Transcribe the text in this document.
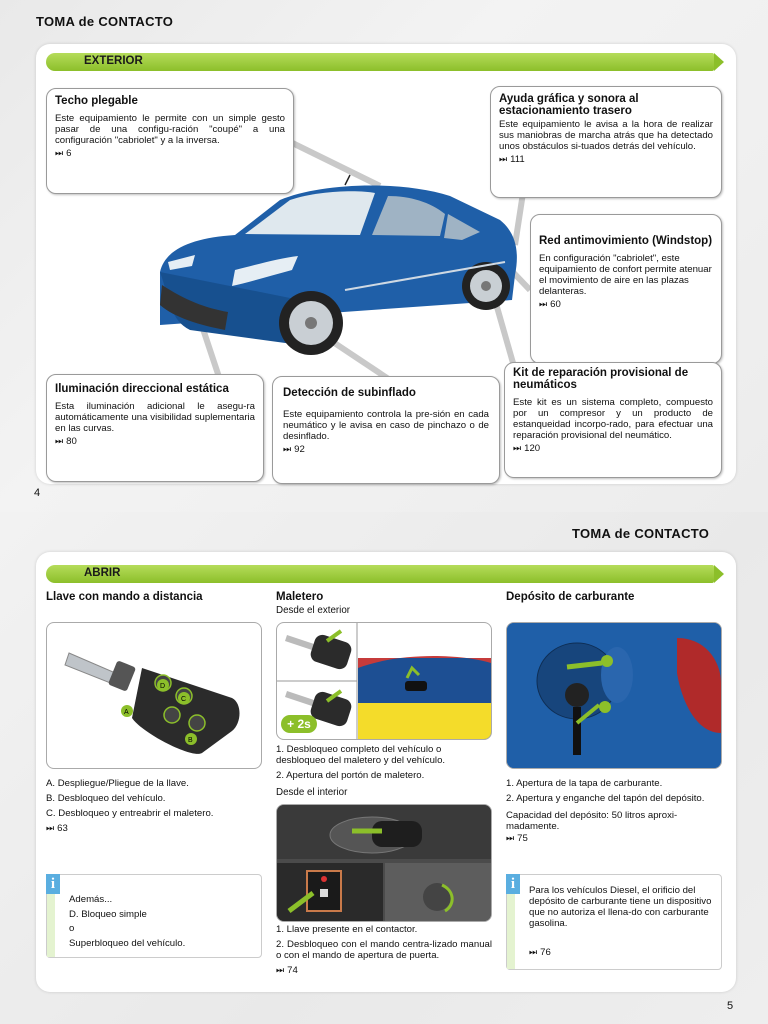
TOMA de CONTACTO
EXTERIOR
Techo plegable
Este equipamiento le permite con un simple gesto pasar de una configu-ración "coupé" a una configuración "cabriolet" y a la inversa.
⏭ 6
Ayuda gráfica y sonora al estacionamiento trasero
Este equipamiento le avisa a la hora de realizar sus maniobras de marcha atrás que ha detectado unos obstáculos si-tuados detrás del vehículo.
⏭ 111
Red antimovimiento (Windstop)
En configuración "cabriolet", este equipamiento de confort permite atenuar el movimiento de aire en las plazas delanteras.
⏭ 60
Iluminación direccional estática
Esta iluminación adicional le asegu-ra automáticamente una visibilidad suplementaria en las curvas.
⏭ 80
Detección de subinflado
Este equipamiento controla la pre-sión en cada neumático y le avisa en caso de pinchazo o de desinflado.
⏭ 92
Kit de reparación provisional de neumáticos
Este kit es un sistema completo, compuesto por un compresor y un producto de estanqueidad incorpo-rado, para efectuar una reparación provisional del neumático.
⏭ 120
4
TOMA de CONTACTO
ABRIR
Llave con mando a distancia
A
B
C
D
A. Despliegue/Pliegue de la llave.
B. Desbloqueo del vehículo.
C. Desbloqueo y entreabrir el maletero.
⏭ 63
i
Además...
D. Bloqueo simple
o
Superbloqueo del vehículo.
Maletero
Desde el exterior
+ 2s
1. Desbloqueo completo del vehículo o desbloqueo del maletero y del vehículo.
2. Apertura del portón de maletero.
Desde el interior
1. Llave presente en el contactor.
2. Desbloqueo con el mando centra-lizado manual o con el mando de apertura de puerta.
⏭ 74
Depósito de carburante
1. Apertura de la tapa de carburante.
2. Apertura y enganche del tapón del depósito.
Capacidad del depósito: 50 litros aproxi-madamente.
⏭ 75
i	Para los vehículos Diesel, el orificio del depósito de carburante tiene un dispositivo que no autoriza el llena-do con carburante gasolina.
⏭ 76
5
